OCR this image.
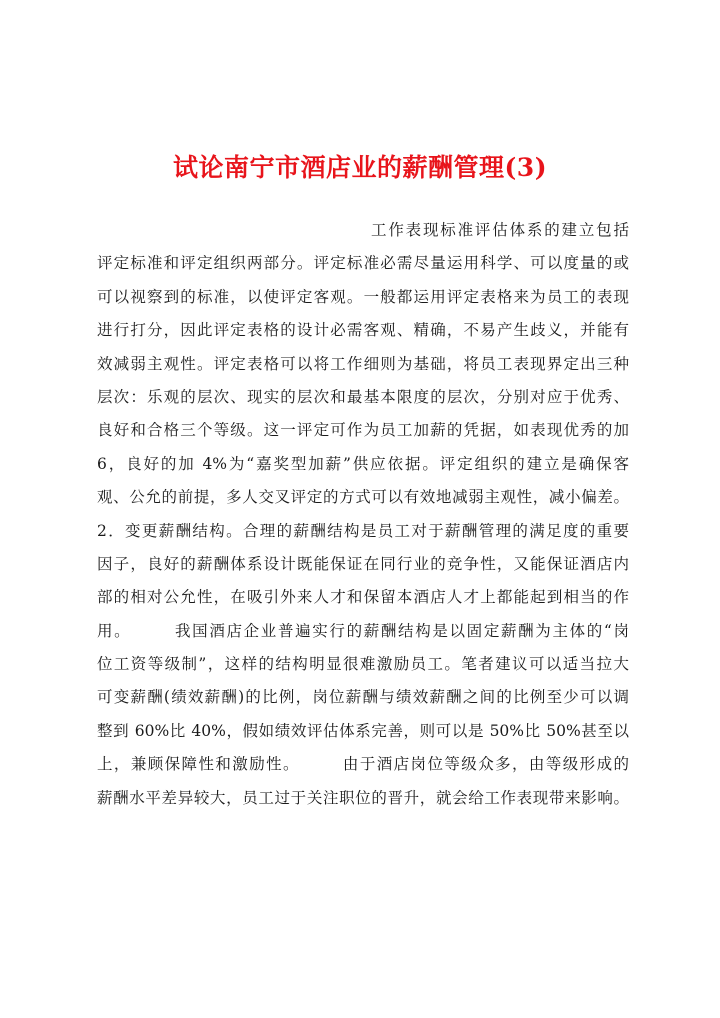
试论南宁市酒店业的薪酬管理(3)
工作表现标准评估体系的建立包括
评定标准和评定组织两部分。评定标准必需尽量运用科学、可以度量的或
可以视察到的标准，以使评定客观。一般都运用评定表格来为员工的表现
进行打分，因此评定表格的设计必需客观、精确，不易产生歧义，并能有
效减弱主观性。评定表格可以将工作细则为基础，将员工表现界定出三种
层次：乐观的层次、现实的层次和最基本限度的层次，分别对应于优秀、
良好和合格三个等级。这一评定可作为员工加薪的凭据，如表现优秀的加
6，良好的加 4%为“嘉奖型加薪”供应依据。评定组织的建立是确保客
观、公允的前提，多人交叉评定的方式可以有效地减弱主观性，减小偏差。
2．变更薪酬结构。合理的薪酬结构是员工对于薪酬管理的满足度的重要
因子，良好的薪酬体系设计既能保证在同行业的竞争性，又能保证酒店内
部的相对公允性，在吸引外来人才和保留本酒店人才上都能起到相当的作
用。　　　我国酒店企业普遍实行的薪酬结构是以固定薪酬为主体的“岗
位工资等级制”，这样的结构明显很难激励员工。笔者建议可以适当拉大
可变薪酬(绩效薪酬)的比例，岗位薪酬与绩效薪酬之间的比例至少可以调
整到 60%比 40%，假如绩效评估体系完善，则可以是 50%比 50%甚至以
上，兼顾保障性和激励性。　　　由于酒店岗位等级众多，由等级形成的
薪酬水平差异较大，员工过于关注职位的晋升，就会给工作表现带来影响。
